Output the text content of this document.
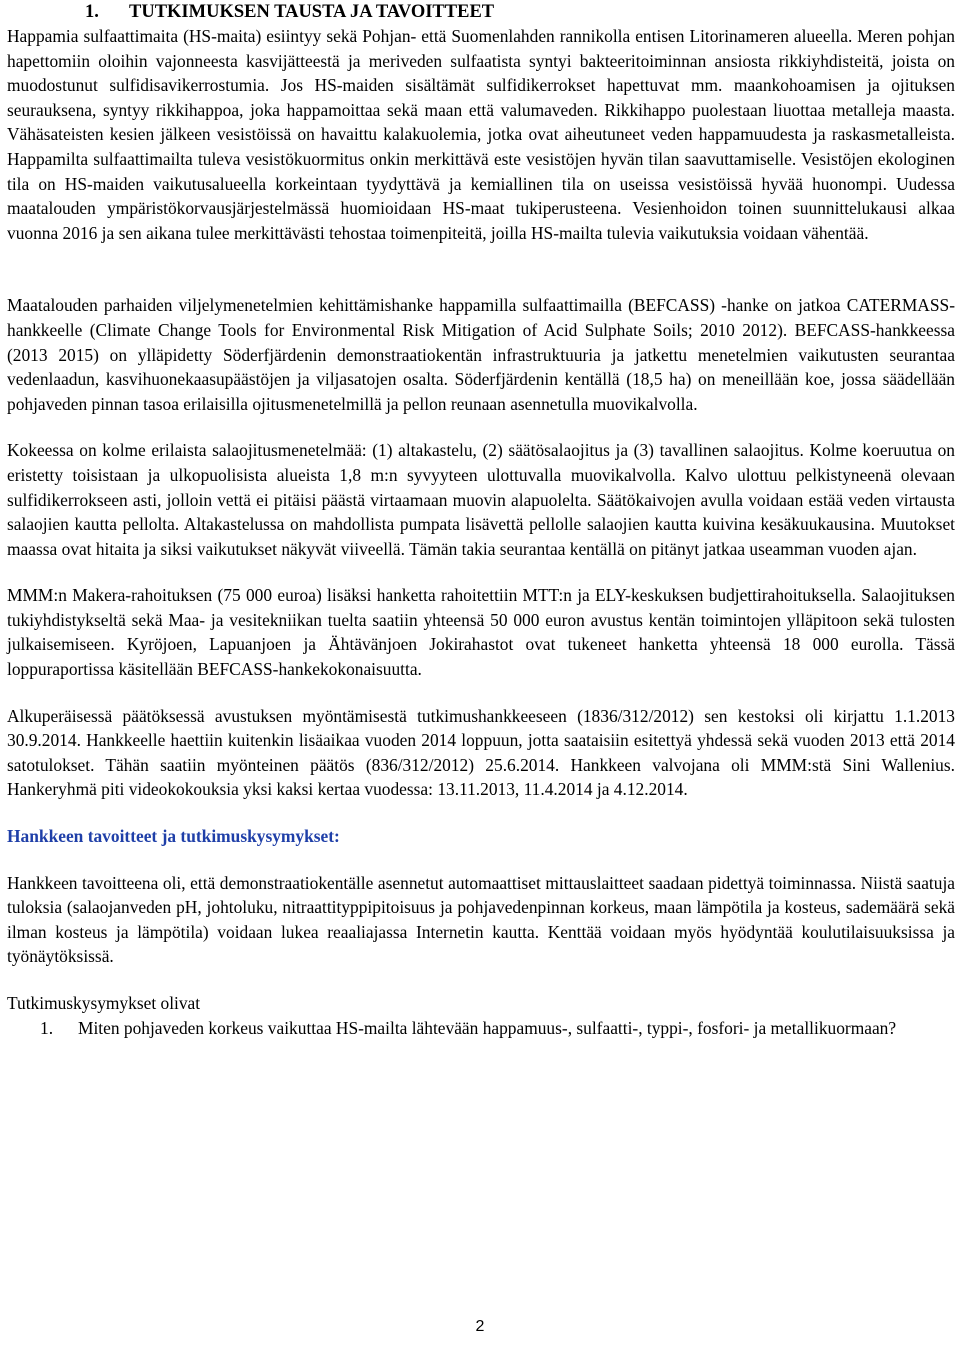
1. TUTKIMUKSEN TAUSTA JA TAVOITTEET

Happamia sulfaattimaita (HS-maita) esiintyy sekä Pohjan- että Suomenlahden rannikolla entisen Litorinameren alueella. Meren pohjan hapettomiin oloihin vajonneesta kasvijätteestä ja meriveden sulfaatista syntyi bakteeritoiminnan ansiosta rikkiyhdisteitä, joista on muodostunut sulfidisavikerrostumia. Jos HS-maiden sisältämät sulfidikerrokset hapettuvat mm. maankohoamisen ja ojituksen seurauksena, syntyy rikkihappoa, joka happamoittaa sekä maan että valumaveden. Rikkihappo puolestaan liuottaa metalleja maasta. Vähäsateisten kesien jälkeen vesistöissä on havaittu kalakuolemia, jotka ovat aiheutuneet veden happamuudesta ja raskasmetalleista. Happamilta sulfaattimailta tuleva vesistökuormitus onkin merkittävä este vesistöjen hyvän tilan saavuttamiselle. Vesistöjen ekologinen tila on HS-maiden vaikutusalueella korkeintaan tyydyttävä ja kemiallinen tila on useissa vesistöissä hyvää huonompi. Uudessa maatalouden ympäristökorvausjärjestelmässä huomioidaan HS-maat tukiperusteena. Vesienhoidon toinen suunnittelukausi alkaa vuonna 2016 ja sen aikana tulee merkittävästi tehostaa toimenpiteitä, joilla HS-mailta tulevia vaikutuksia voidaan vähentää.

Maatalouden parhaiden viljelymenetelmien kehittämishanke happamilla sulfaattimailla (BEFCASS) -hanke on jatkoa CATERMASS-hankkeelle (Climate Change Tools for Environmental Risk Mitigation of Acid Sulphate Soils; 2010 2012). BEFCASS-hankkeessa (2013 2015) on ylläpidetty Söderfjärdenin demonstraatiokentän infrastruktuuria ja jatkettu menetelmien vaikutusten seurantaa vedenlaadun, kasvihuonekaasupäästöjen ja viljasatojen osalta. Söderfjärdenin kentällä (18,5 ha) on meneillään koe, jossa säädellään pohjaveden pinnan tasoa erilaisilla ojitusmenetelmillä ja pellon reunaan asennetulla muovikalvolla.

Kokeessa on kolme erilaista salaojitusmenetelmää: (1) altakastelu, (2) säätösalaojitus ja (3) tavallinen salaojitus. Kolme koeruutua on eristetty toisistaan ja ulkopuolisista alueista 1,8 m:n syvyyteen ulottuvalla muovikalvolla. Kalvo ulottuu pelkistyneenä olevaan sulfidikerrokseen asti, jolloin vettä ei pitäisi päästä virtaamaan muovin alapuolelta. Säätökaivojen avulla voidaan estää veden virtausta salaojien kautta pellolta. Altakastelussa on mahdollista pumpata lisävettä pellolle salaojien kautta kuivina kesäkuukausina. Muutokset maassa ovat hitaita ja siksi vaikutukset näkyvät viiveellä. Tämän takia seurantaa kentällä on pitänyt jatkaa useamman vuoden ajan.

MMM:n Makera-rahoituksen (75 000 euroa) lisäksi hanketta rahoitettiin MTT:n ja ELY-keskuksen budjettirahoituksella. Salaojituksen tukiyhdistykseltä sekä Maa- ja vesitekniikan tuelta saatiin yhteensä 50 000 euron avustus kentän toimintojen ylläpitoon sekä tulosten julkaisemiseen. Kyröjoen, Lapuanjoen ja Ähtävänjoen Jokirahastot ovat tukeneet hanketta yhteensä 18 000 eurolla. Tässä loppuraportissa käsitellään BEFCASS-hankekokonaisuutta.

Alkuperäisessä päätöksessä avustuksen myöntämisestä tutkimushankkeeseen (1836/312/2012) sen kestoksi oli kirjattu 1.1.2013 30.9.2014. Hankkeelle haettiin kuitenkin lisäaikaa vuoden 2014 loppuun, jotta saataisiin esitettyä yhdessä sekä vuoden 2013 että 2014 satotulokset. Tähän saatiin myönteinen päätös (836/312/2012) 25.6.2014. Hankkeen valvojana oli MMM:stä Sini Wallenius. Hankeryhmä piti videokokouksia yksi kaksi kertaa vuodessa: 13.11.2013, 11.4.2014 ja 4.12.2014.

Hankkeen tavoitteet ja tutkimuskysymykset:

Hankkeen tavoitteena oli, että demonstraatiokentälle asennetut automaattiset mittauslaitteet saadaan pidettyä toiminnassa. Niistä saatuja tuloksia (salaojanveden pH, johtoluku, nitraattityppipitoisuus ja pohjavedenpinnan korkeus, maan lämpötila ja kosteus, sademäärä sekä ilman kosteus ja lämpötila) voidaan lukea reaaliajassa Internetin kautta. Kenttää voidaan myös hyödyntää koulutilaisuuksissa ja työnäytöksissä.

Tutkimuskysymykset olivat

1. Miten pohjaveden korkeus vaikuttaa HS-mailta lähtevään happamuus-, sulfaatti-, typpi-, fosfori- ja metallikuormaan?
2
